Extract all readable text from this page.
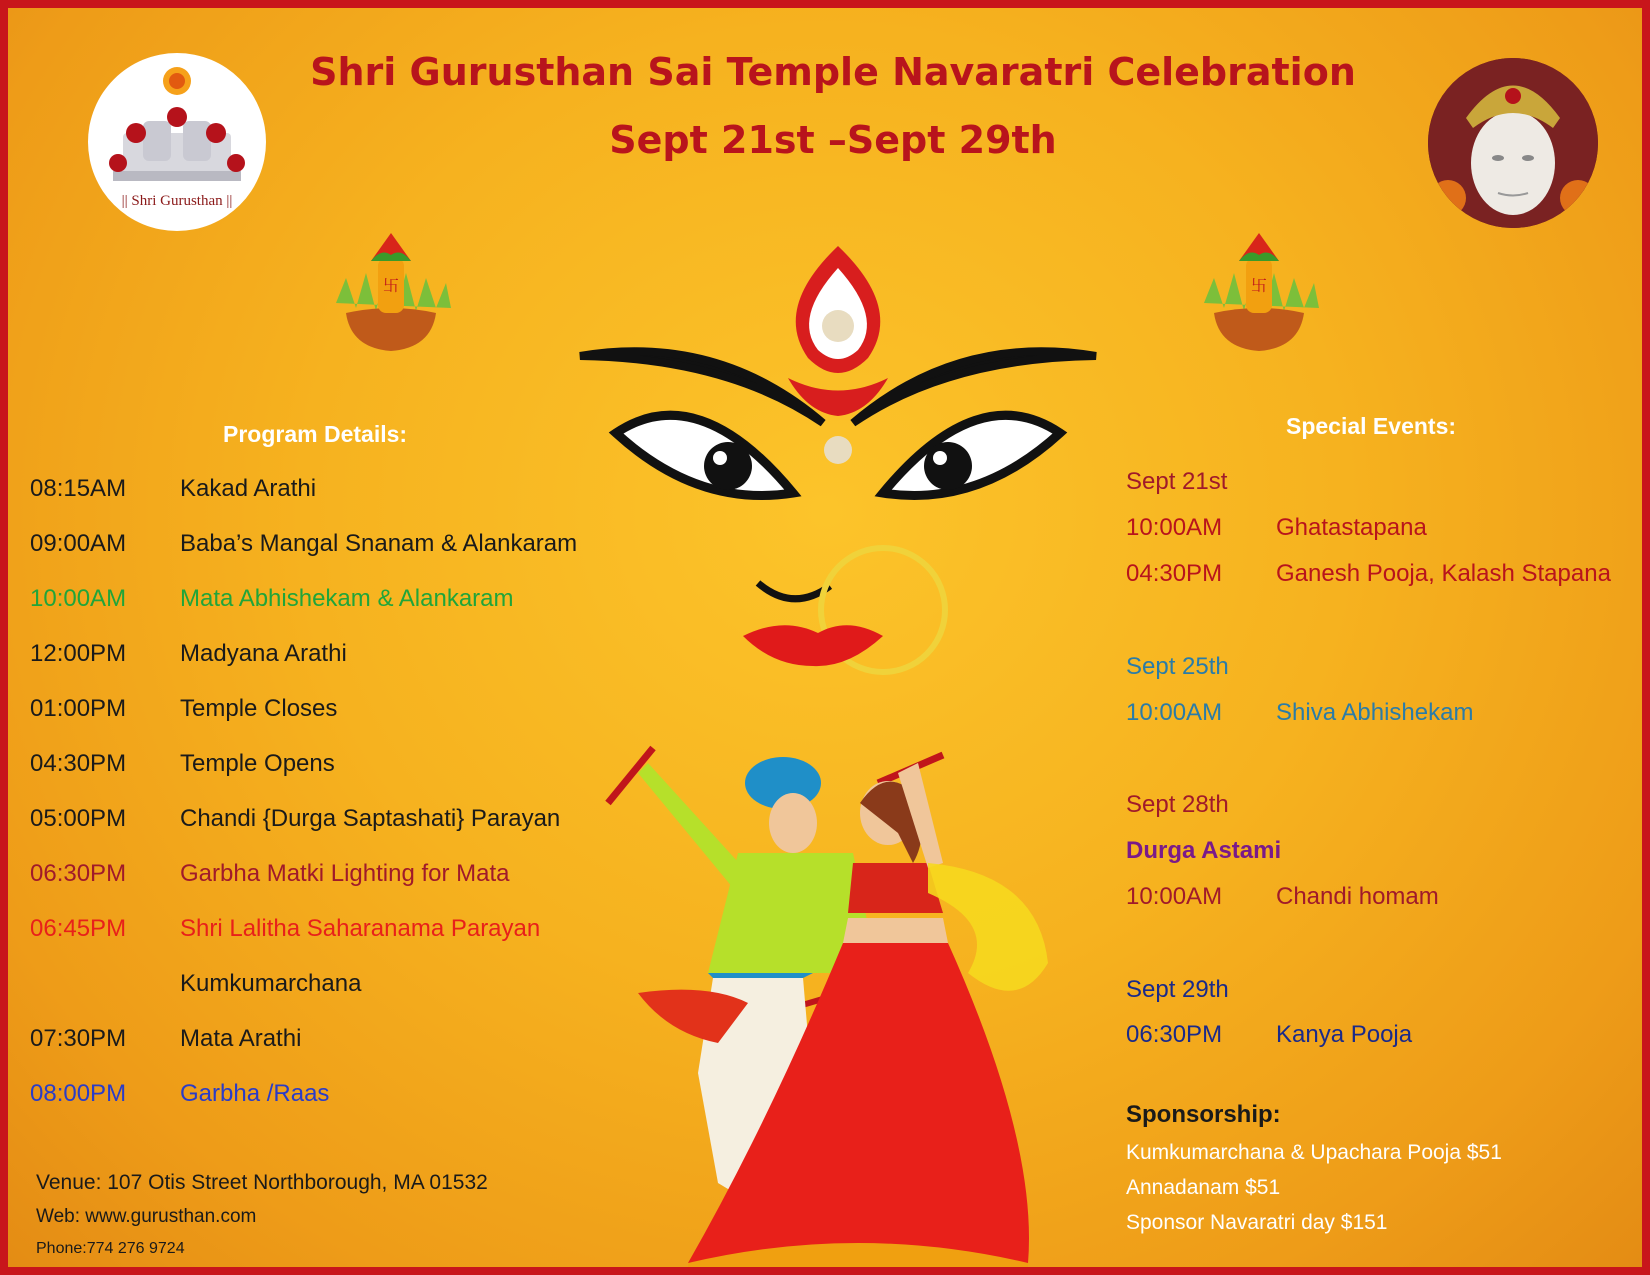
Shri Gurusthan Sai Temple Navaratri Celebration
Sept 21st –Sept 29th
|| Shri Gurusthan ||
卐	卐
Program Details:
08:15AM Kakad Arathi
09:00AM Baba’s Mangal Snanam & Alankaram
10:00AM Mata Abhishekam & Alankaram
12:00PM Madyana Arathi
01:00PM Temple Closes
04:30PM Temple Opens
05:00PM Chandi {Durga Saptashati} Parayan
06:30PM Garbha Matki Lighting for Mata
06:45PM Shri Lalitha Saharanama Parayan
Kumkumarchana
07:30PM Mata Arathi
08:00PM Garbha /Raas
Venue: 107 Otis Street Northborough, MA 01532
Web: www.gurusthan.com
Phone:774 276 9724
Special Events:
Sept 21st
10:00AM Ghatastapana
04:30PM Ganesh Pooja, Kalash Stapana
Sept 25th
10:00AM Shiva Abhishekam
Sept 28th
Durga Astami
10:00AM Chandi homam
Sept 29th
06:30PM Kanya Pooja
Sponsorship:
Kumkumarchana & Upachara Pooja $51
Annadanam $51
Sponsor Navaratri day $151
